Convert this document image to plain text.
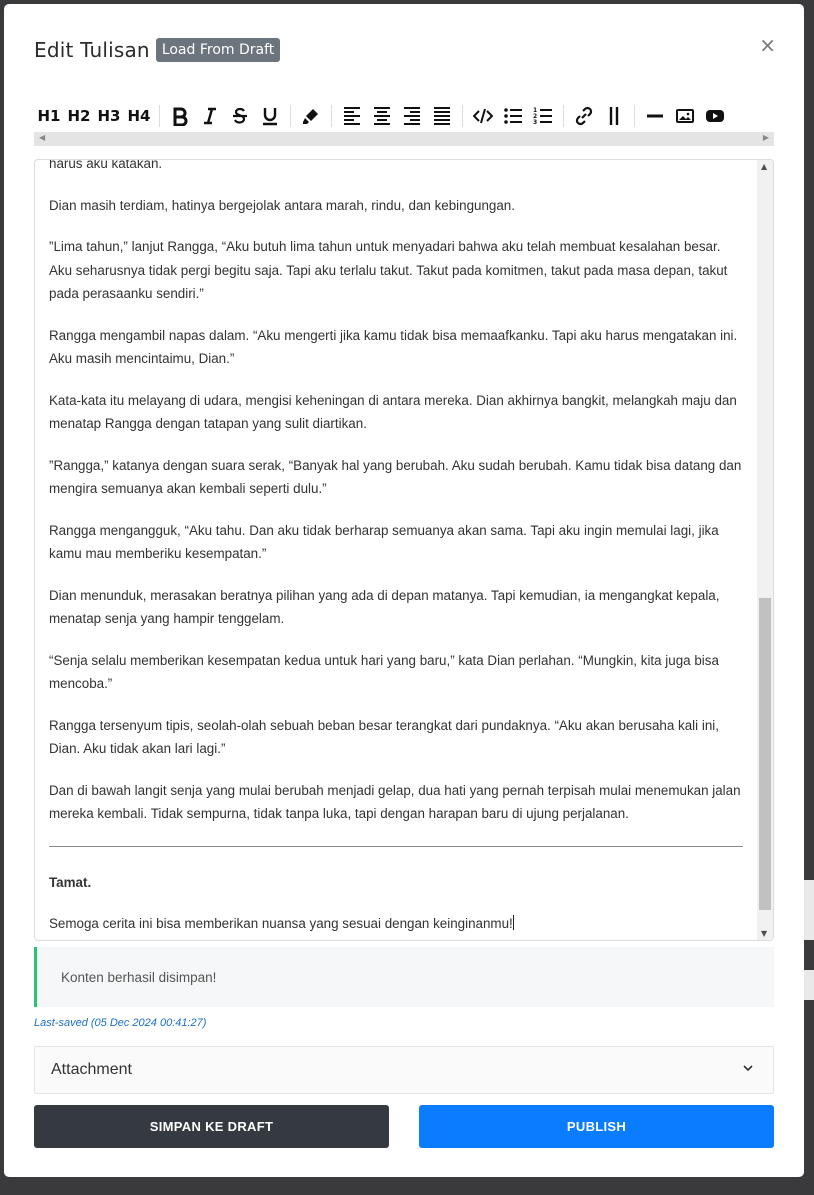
Edit Tulisan Load From Draft	×
H1 H2 H3 H4	1
2
3
◀	▶

harus aku katakan.

Dian masih terdiam, hatinya bergejolak antara marah, rindu, dan kebingungan.

”Lima tahun,” lanjut Rangga, “Aku butuh lima tahun untuk menyadari bahwa aku telah membuat kesalahan besar. Aku seharusnya tidak pergi begitu saja. Tapi aku terlalu takut. Takut pada komitmen, takut pada masa depan, takut pada perasaanku sendiri.”

Rangga mengambil napas dalam. “Aku mengerti jika kamu tidak bisa memaafkanku. Tapi aku harus mengatakan ini. Aku masih mencintaimu, Dian.”

Kata-kata itu melayang di udara, mengisi keheningan di antara mereka. Dian akhirnya bangkit, melangkah maju dan menatap Rangga dengan tatapan yang sulit diartikan.

”Rangga,” katanya dengan suara serak, “Banyak hal yang berubah. Aku sudah berubah. Kamu tidak bisa datang dan mengira semuanya akan kembali seperti dulu.”

Rangga mengangguk, “Aku tahu. Dan aku tidak berharap semuanya akan sama. Tapi aku ingin memulai lagi, jika kamu mau memberiku kesempatan.”

Dian menunduk, merasakan beratnya pilihan yang ada di depan matanya. Tapi kemudian, ia mengangkat kepala, menatap senja yang hampir tenggelam.

“Senja selalu memberikan kesempatan kedua untuk hari yang baru,” kata Dian perlahan. “Mungkin, kita juga bisa mencoba.”

Rangga tersenyum tipis, seolah-olah sebuah beban besar terangkat dari pundaknya. “Aku akan berusaha kali ini, Dian. Aku tidak akan lari lagi.”

Dan di bawah langit senja yang mulai berubah menjadi gelap, dua hati yang pernah terpisah mulai menemukan jalan mereka kembali. Tidak sempurna, tidak tanpa luka, tapi dengan harapan baru di ujung perjalanan.

Tamat.

Semoga cerita ini bisa memberikan nuansa yang sesuai dengan keinginanmu!

▲
▼
Konten berhasil disimpan!
Last-saved (05 Dec 2024 00:41:27)
Attachment
SIMPAN KE DRAFT	PUBLISH
